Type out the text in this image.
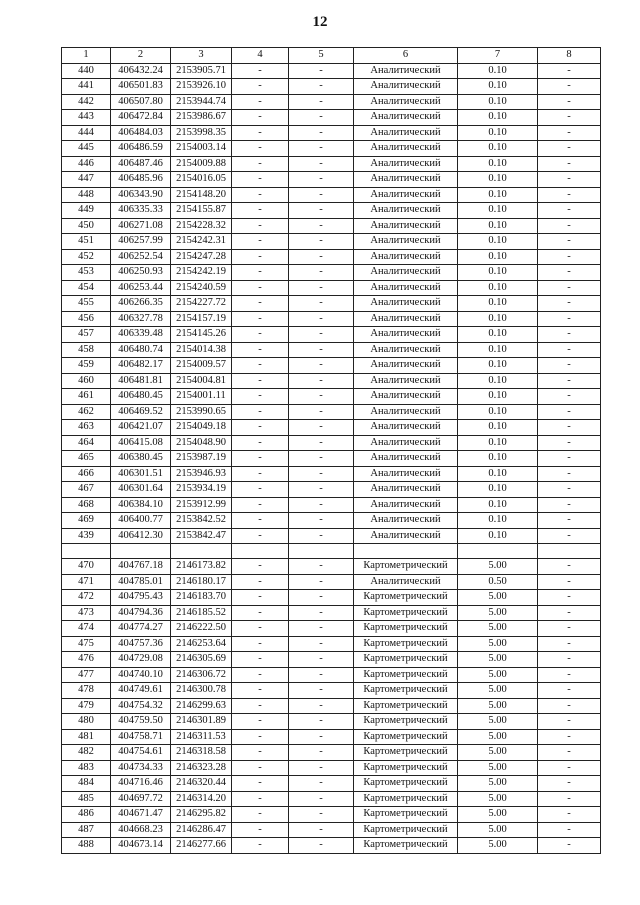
12
1	2	3	4	5	6	7	8
440	406432.24	2153905.71	-	-	Аналитический	0.10	-
441	406501.83	2153926.10	-	-	Аналитический	0.10	-
442	406507.80	2153944.74	-	-	Аналитический	0.10	-
443	406472.84	2153986.67	-	-	Аналитический	0.10	-
444	406484.03	2153998.35	-	-	Аналитический	0.10	-
445	406486.59	2154003.14	-	-	Аналитический	0.10	-
446	406487.46	2154009.88	-	-	Аналитический	0.10	-
447	406485.96	2154016.05	-	-	Аналитический	0.10	-
448	406343.90	2154148.20	-	-	Аналитический	0.10	-
449	406335.33	2154155.87	-	-	Аналитический	0.10	-
450	406271.08	2154228.32	-	-	Аналитический	0.10	-
451	406257.99	2154242.31	-	-	Аналитический	0.10	-
452	406252.54	2154247.28	-	-	Аналитический	0.10	-
453	406250.93	2154242.19	-	-	Аналитический	0.10	-
454	406253.44	2154240.59	-	-	Аналитический	0.10	-
455	406266.35	2154227.72	-	-	Аналитический	0.10	-
456	406327.78	2154157.19	-	-	Аналитический	0.10	-
457	406339.48	2154145.26	-	-	Аналитический	0.10	-
458	406480.74	2154014.38	-	-	Аналитический	0.10	-
459	406482.17	2154009.57	-	-	Аналитический	0.10	-
460	406481.81	2154004.81	-	-	Аналитический	0.10	-
461	406480.45	2154001.11	-	-	Аналитический	0.10	-
462	406469.52	2153990.65	-	-	Аналитический	0.10	-
463	406421.07	2154049.18	-	-	Аналитический	0.10	-
464	406415.08	2154048.90	-	-	Аналитический	0.10	-
465	406380.45	2153987.19	-	-	Аналитический	0.10	-
466	406301.51	2153946.93	-	-	Аналитический	0.10	-
467	406301.64	2153934.19	-	-	Аналитический	0.10	-
468	406384.10	2153912.99	-	-	Аналитический	0.10	-
469	406400.77	2153842.52	-	-	Аналитический	0.10	-
439	406412.30	2153842.47	-	-	Аналитический	0.10	-

470	404767.18	2146173.82	-	-	Картометрический	5.00	-
471	404785.01	2146180.17	-	-	Аналитический	0.50	-
472	404795.43	2146183.70	-	-	Картометрический	5.00	-
473	404794.36	2146185.52	-	-	Картометрический	5.00	-
474	404774.27	2146222.50	-	-	Картометрический	5.00	-
475	404757.36	2146253.64	-	-	Картометрический	5.00	-
476	404729.08	2146305.69	-	-	Картометрический	5.00	-
477	404740.10	2146306.72	-	-	Картометрический	5.00	-
478	404749.61	2146300.78	-	-	Картометрический	5.00	-
479	404754.32	2146299.63	-	-	Картометрический	5.00	-
480	404759.50	2146301.89	-	-	Картометрический	5.00	-
481	404758.71	2146311.53	-	-	Картометрический	5.00	-
482	404754.61	2146318.58	-	-	Картометрический	5.00	-
483	404734.33	2146323.28	-	-	Картометрический	5.00	-
484	404716.46	2146320.44	-	-	Картометрический	5.00	-
485	404697.72	2146314.20	-	-	Картометрический	5.00	-
486	404671.47	2146295.82	-	-	Картометрический	5.00	-
487	404668.23	2146286.47	-	-	Картометрический	5.00	-
488	404673.14	2146277.66	-	-	Картометрический	5.00	-
